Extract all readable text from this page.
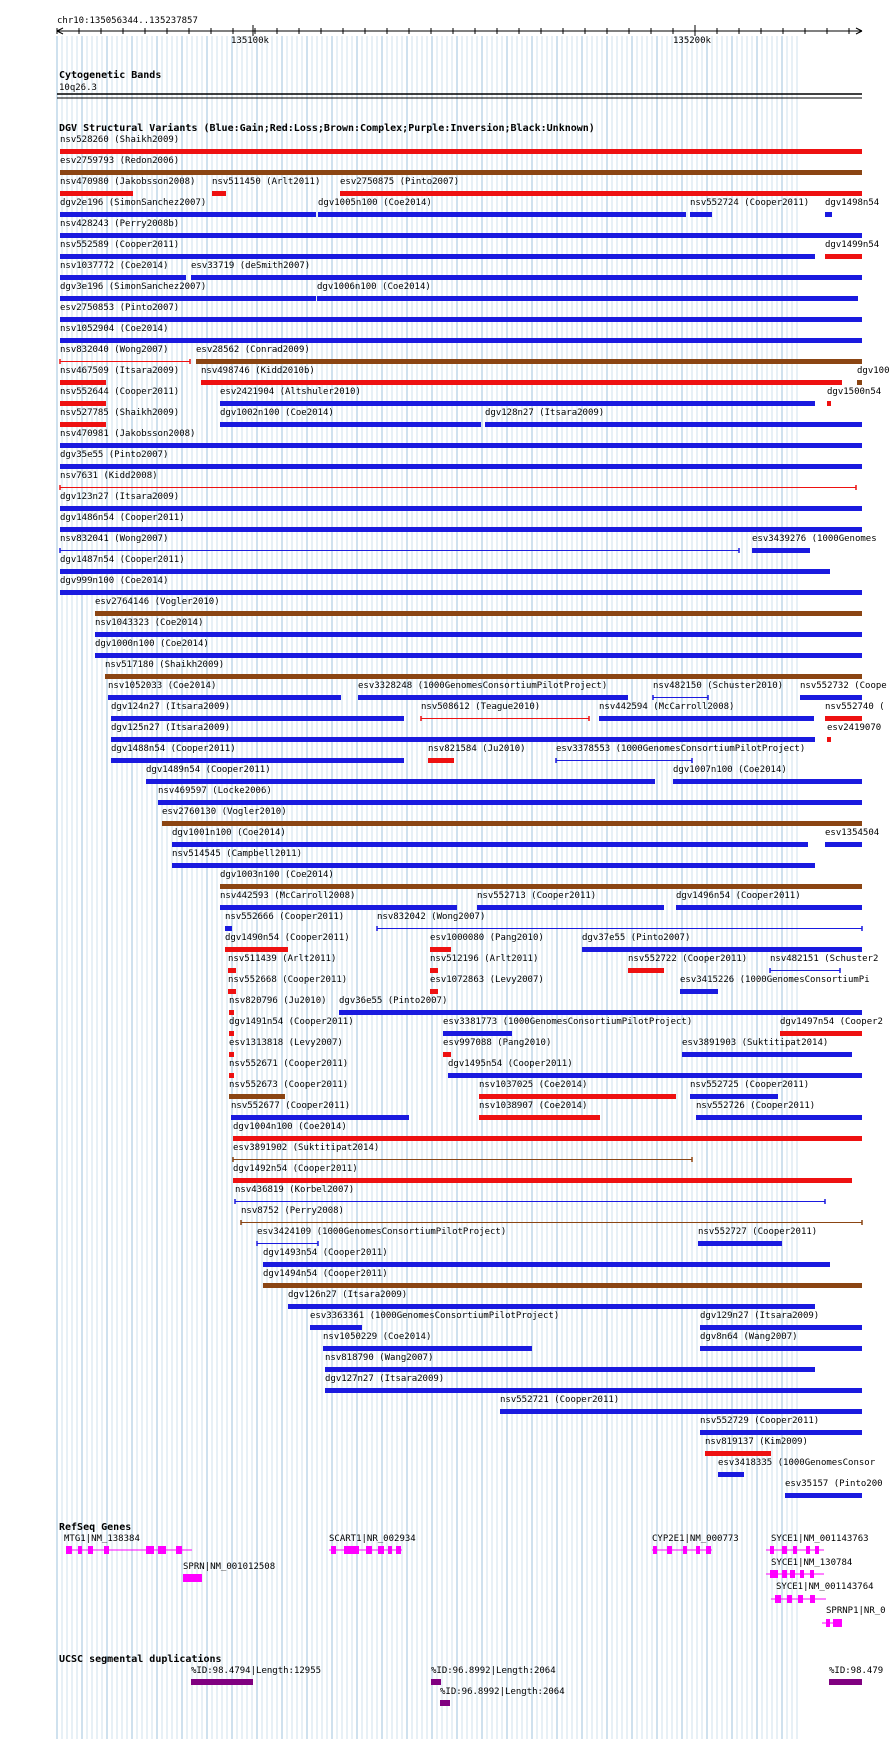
chr10:135056344..135237857
135100k	135200k
Cytogenetic Bands
10q26.3
DGV Structural Variants (Blue:Gain;Red:Loss;Brown:Complex;Purple:Inversion;Black:Unknown)
nsv528260 (Shaikh2009)
esv2759793 (Redon2006)
nsv470980 (Jakobsson2008) nsv511450 (Arlt2011) esv2750875 (Pinto2007)
dgv2e196 (SimonSanchez2007)	dgv1005n100 (Coe2014)	nsv552724 (Cooper2011) dgv1498n54
nsv428243 (Perry2008b)
nsv552589 (Cooper2011)	dgv1499n54
nsv1037772 (Coe2014)	esv33719 (deSmith2007)
dgv3e196 (SimonSanchez2007)	dgv1006n100 (Coe2014)
esv2750853 (Pinto2007)
nsv1052904 (Coe2014)
nsv832040 (Wong2007)	esv28562 (Conrad2009)
nsv467509 (Itsara2009) nsv498746 (Kidd2010b)	dgv100
nsv552644 (Cooper2011)	esv2421904 (Altshuler2010)	dgv1500n54
nsv527785 (Shaikh2009)	dgv1002n100 (Coe2014)	dgv128n27 (Itsara2009)
nsv470981 (Jakobsson2008)
dgv35e55 (Pinto2007)
nsv7631 (Kidd2008)
dgv123n27 (Itsara2009)
dgv1486n54 (Cooper2011)
nsv832041 (Wong2007)	esv3439276 (1000Genomes
dgv1487n54 (Cooper2011)
dgv999n100 (Coe2014)
esv2764146 (Vogler2010)
nsv1043323 (Coe2014)
dgv1000n100 (Coe2014)
nsv517180 (Shaikh2009)
nsv1052033 (Coe2014)	esv3328248 (1000GenomesConsortiumPilotProject)	nsv482150 (Schuster2010) nsv552732 (Coope
dgv124n27 (Itsara2009)	nsv508612 (Teague2010)	nsv442594 (McCarroll2008)	nsv552740 (
dgv125n27 (Itsara2009)	esv2419070
dgv1488n54 (Cooper2011)	nsv821584 (Ju2010)	esv3378553 (1000GenomesConsortiumPilotProject)
dgv1489n54 (Cooper2011)	dgv1007n100 (Coe2014)
nsv469597 (Locke2006)
esv2760130 (Vogler2010)
dgv1001n100 (Coe2014)	esv1354504
nsv514545 (Campbell2011)
dgv1003n100 (Coe2014)
nsv442593 (McCarroll2008)	nsv552713 (Cooper2011)	dgv1496n54 (Cooper2011)
nsv552666 (Cooper2011)	nsv832042 (Wong2007)
dgv1490n54 (Cooper2011)	esv1000080 (Pang2010)	dgv37e55 (Pinto2007)
nsv511439 (Arlt2011)	nsv512196 (Arlt2011)	nsv552722 (Cooper2011)	nsv482151 (Schuster2
nsv552668 (Cooper2011)	esv1072863 (Levy2007)	esv3415226 (1000GenomesConsortiumPi
nsv820796 (Ju2010) dgv36e55 (Pinto2007)
dgv1491n54 (Cooper2011)	esv3381773 (1000GenomesConsortiumPilotProject)	dgv1497n54 (Cooper2
esv1313818 (Levy2007)	esv997088 (Pang2010)	esv3891903 (Suktitipat2014)
nsv552671 (Cooper2011)	dgv1495n54 (Cooper2011)
nsv552673 (Cooper2011)	nsv1037025 (Coe2014)	nsv552725 (Cooper2011)
nsv552677 (Cooper2011)	nsv1038907 (Coe2014)	nsv552726 (Cooper2011)
dgv1004n100 (Coe2014)
esv3891902 (Suktitipat2014)
dgv1492n54 (Cooper2011)
nsv436819 (Korbel2007)
nsv8752 (Perry2008)
esv3424109 (1000GenomesConsortiumPilotProject)	nsv552727 (Cooper2011)
dgv1493n54 (Cooper2011)
dgv1494n54 (Cooper2011)
dgv126n27 (Itsara2009)
esv3363361 (1000GenomesConsortiumPilotProject)	dgv129n27 (Itsara2009)
nsv1050229 (Coe2014)	dgv8n64 (Wang2007)
nsv818790 (Wang2007)
dgv127n27 (Itsara2009)
nsv552721 (Cooper2011)
nsv552729 (Cooper2011)
nsv819137 (Kim2009)
esv3418335 (1000GenomesConsor
esv35157 (Pinto200
RefSeq Genes
MTG1|NM_138384
SPRN|NM_001012508
SCART1|NR_002934	CYP2E1|NM_000773	SYCE1|NM_001143763
SYCE1|NM_130784
SYCE1|NM_001143764
SPRNP1|NR_0
UCSC segmental duplications
%ID:98.4794|Length:12955	%ID:96.8992|Length:2064
%ID:96.8992|Length:2064
%ID:98.479
